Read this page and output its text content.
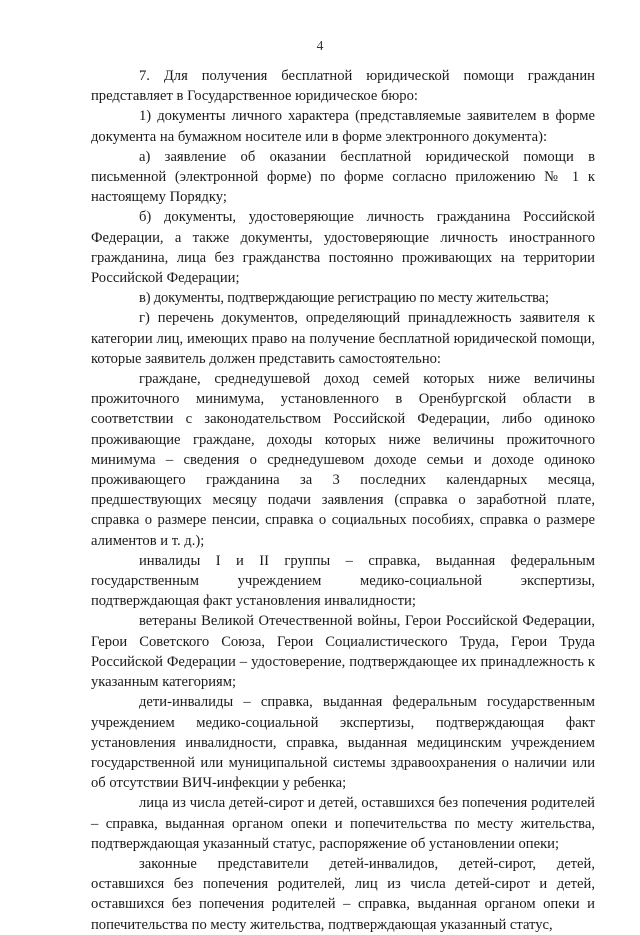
4

7. Для получения бесплатной юридической помощи гражданин представляет в Государственное юридическое бюро:

1) документы личного характера (представляемые заявителем в форме документа на бумажном носителе или в форме электронного документа):

а) заявление об оказании бесплатной юридической помощи в письменной (электронной форме) по форме согласно приложению № 1 к настоящему Порядку;

б) документы, удостоверяющие личность гражданина Российской Федерации, а также документы, удостоверяющие личность иностранного гражданина, лица без гражданства постоянно проживающих на территории Российской Федерации;

в) документы, подтверждающие регистрацию по месту жительства;

г) перечень документов, определяющий принадлежность заявителя к категории лиц, имеющих право на получение бесплатной юридической помощи, которые заявитель должен представить самостоятельно:

граждане, среднедушевой доход семей которых ниже величины прожиточного минимума, установленного в Оренбургской области в соответствии с законодательством Российской Федерации, либо одиноко проживающие граждане, доходы которых ниже величины прожиточного минимума – сведения о среднедушевом доходе семьи и доходе одиноко проживающего гражданина за 3 последних календарных месяца, предшествующих месяцу подачи заявления (справка о заработной плате, справка о размере пенсии, справка о социальных пособиях, справка о размере алиментов и т. д.);

инвалиды I и II группы – справка, выданная федеральным государственным учреждением медико-социальной экспертизы, подтверждающая факт установления инвалидности;

ветераны Великой Отечественной войны, Герои Российской Федерации, Герои Советского Союза, Герои Социалистического Труда, Герои Труда Российской Федерации – удостоверение, подтверждающее их принадлежность к указанным категориям;

дети-инвалиды – справка, выданная федеральным государственным учреждением медико-социальной экспертизы, подтверждающая факт установления инвалидности, справка, выданная медицинским учреждением государственной или муниципальной системы здравоохранения о наличии или об отсутствии ВИЧ-инфекции у ребенка;

лица из числа детей-сирот и детей, оставшихся без попечения родителей – справка, выданная органом опеки и попечительства по месту жительства, подтверждающая указанный статус, распоряжение об установлении опеки;

законные представители детей-инвалидов, детей-сирот, детей, оставшихся без попечения родителей, лиц из числа детей-сирот и детей, оставшихся без попечения родителей – справка, выданная органом опеки и попечительства по месту жительства, подтверждающая указанный статус,
